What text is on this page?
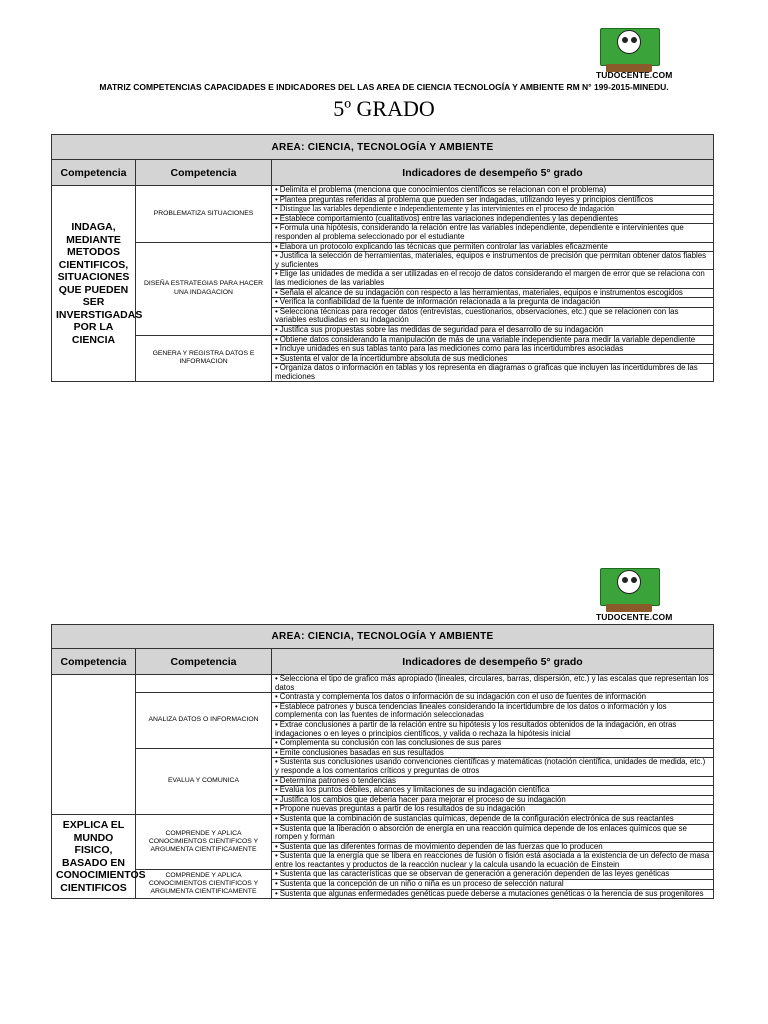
TUDOCENTE.COM
MATRIZ COMPETENCIAS CAPACIDADES E INDICADORES DEL LAS AREA DE CIENCIA TECNOLOGÍA Y AMBIENTE RM N° 199-2015-MINEDU.
5º GRADO
AREA: CIENCIA, TECNOLOGÍA Y AMBIENTE		
Competencia	Competencia	Indicadores de desempeño 5° grado
INDAGA, MEDIANTE METODOS CIENTIFICOS, SITUACIONES QUE PUEDEN SER INVERSTIGADAS POR LA CIENCIA	PROBLEMATIZA SITUACIONES	• Delimita el problema (menciona que conocimientos científicos se relacionan con el problema)
		• Plantea preguntas referidas al problema que pueden ser indagadas, utilizando leyes y principios científicos
		• Distingue las variables dependiente e independientemente y las intervinientes en el proceso de indagación
		• Establece comportamiento (cualitativos) entre las variaciones independientes y las dependientes
		• Formula una hipótesis, considerando la relación entre las variables independiente, dependiente e intervinientes que responden al problema seleccionado por el estudiante
	DISEÑA ESTRATEGIAS PARA HACER UNA INDAGACION	• Elabora un protocolo explicando las técnicas que permiten controlar las variables eficazmente
		• Justifica la selección de herramientas, materiales, equipos e instrumentos de precisión que permitan obtener datos fiables y suficientes
		• Elige las unidades de medida a ser utilizadas en el recojo de datos considerando el margen de error que se relaciona con las mediciones de las variables
		• Señala el alcance de su indagación con respecto a las herramientas, materiales, equipos e instrumentos escogidos
		• Verifica la confiabilidad de la fuente de información relacionada a la pregunta de indagación
		• Selecciona técnicas para recoger datos (entrevistas, cuestionarios, observaciones, etc.) que se relacionen con las variables estudiadas en su indagación
		• Justifica sus propuestas sobre las medidas de seguridad para el desarrollo de su indagación
	GENERA Y REGISTRA DATOS E INFORMACION	• Obtiene datos considerando la manipulación de más de una variable independiente para medir la variable dependiente
		• Incluye unidades en sus tablas tanto para las mediciones como para las incertidumbres asociadas
		• Sustenta el valor de la incertidumbre absoluta de sus mediciones
		• Organiza datos o información en tablas y los representa en diagramas o graficas que incluyen las incertidumbres de las mediciones
TUDOCENTE.COM
AREA: CIENCIA, TECNOLOGÍA Y AMBIENTE		
Competencia	Competencia	Indicadores de desempeño 5° grado
		• Selecciona el tipo de grafico más apropiado (lineales, circulares, barras, dispersión, etc.) y las escalas que representan los datos
	ANALIZA DATOS O INFORMACION	• Contrasta y complementa los datos o información de su indagación con el uso de fuentes de información
		• Establece patrones y busca tendencias lineales considerando la incertidumbre de los datos o información y los complementa con las fuentes de información seleccionadas
		• Extrae conclusiones a partir de la relación entre su hipótesis y los resultados obtenidos de la indagación, en otras indagaciones o en leyes o principios científicos, y valida o rechaza la hipótesis inicial
		• Complementa su conclusión con las conclusiones de sus pares
	EVALUA Y COMUNICA	• Emite conclusiones basadas en sus resultados
		• Sustenta sus conclusiones usando convenciones científicas y matemáticas (notación científica, unidades de medida, etc.) y responde a los comentarios críticos y preguntas de otros
		• Determina patrones o tendencias
		• Evalúa los puntos débiles, alcances y limitaciones de su indagación científica
		• Justifica los cambios que debería hacer para mejorar el proceso de su indagación
		• Propone nuevas preguntas a partir de los resultados de su indagación
EXPLICA EL MUNDO FISICO, BASADO EN CONOCIMIENTOS CIENTIFICOS	COMPRENDE Y APLICA CONOCIMIENTOS CIENTIFICOS Y ARGUMENTA CIENTIFICAMENTE	• Sustenta que la combinación de sustancias químicas, depende de la configuración electrónica de sus reactantes
		• Sustenta que la liberación o absorción de energía en una reacción química depende de los enlaces químicos que se rompen y forman
		• Sustenta que las diferentes formas de movimiento dependen de las fuerzas que lo producen
		• Sustenta que la energía que se libera en reacciones de fusión o fisión está asociada a la existencia de un defecto de masa entre los reactantes y productos de la reacción nuclear y la calcula usando la ecuación de Einstein
	COMPRENDE Y APLICA CONOCIMIENTOS CIENTIFICOS Y ARGUMENTA CIENTIFICAMENTE	• Sustenta que las características que se observan de generación a generación dependen de las leyes genéticas
		• Sustenta que la concepción de un niño o niña es un proceso de selección natural
		• Sustenta que algunas enfermedades genéticas puede deberse a mutaciones genéticas o la herencia de sus progenitores
